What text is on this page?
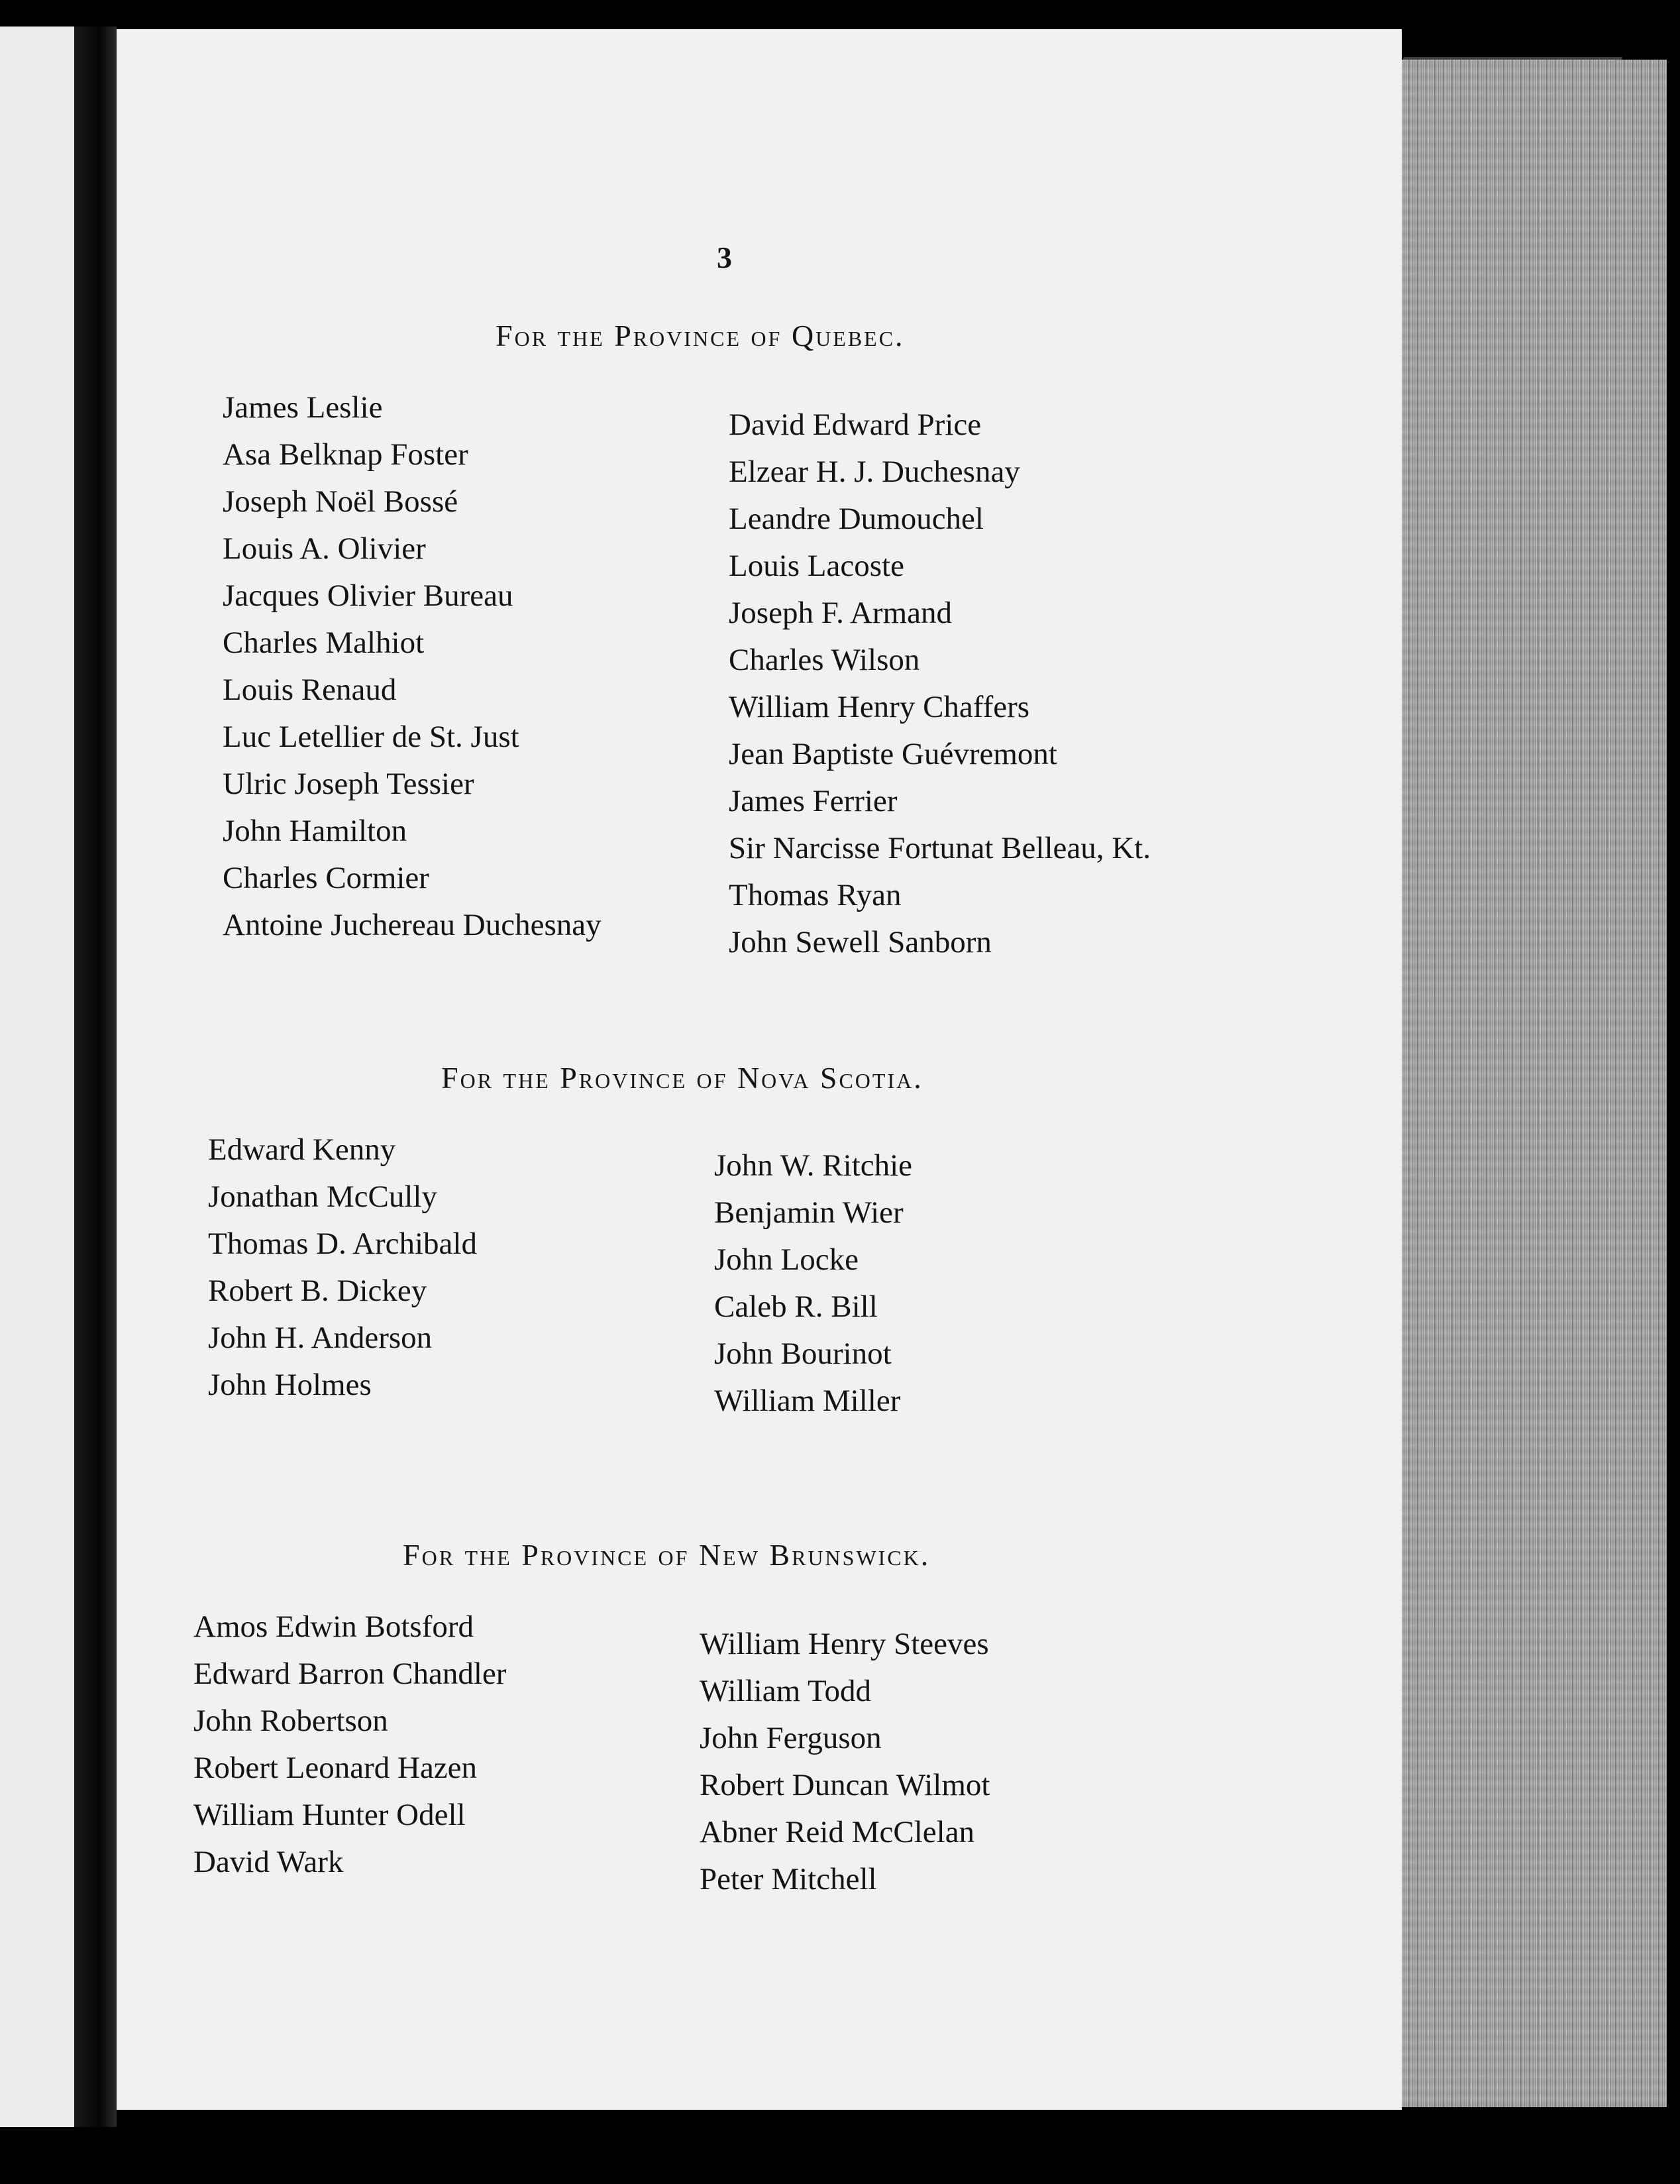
3
For the Province of Quebec.
James Leslie
Asa Belknap Foster
Joseph Noël Bossé
Louis A. Olivier
Jacques Olivier Bureau
Charles Malhiot
Louis Renaud
Luc Letellier de St. Just
Ulric Joseph Tessier
John Hamilton
Charles Cormier
Antoine Juchereau Duchesnay
David Edward Price
Elzear H. J. Duchesnay
Leandre Dumouchel
Louis Lacoste
Joseph F. Armand
Charles Wilson
William Henry Chaffers
Jean Baptiste Guévremont
James Ferrier
Sir Narcisse Fortunat Belleau, Kt.
Thomas Ryan
John Sewell Sanborn
For the Province of Nova Scotia.
Edward Kenny
Jonathan McCully
Thomas D. Archibald
Robert B. Dickey
John H. Anderson
John Holmes
John W. Ritchie
Benjamin Wier
John Locke
Caleb R. Bill
John Bourinot
William Miller
For the Province of New Brunswick.
Amos Edwin Botsford
Edward Barron Chandler
John Robertson
Robert Leonard Hazen
William Hunter Odell
David Wark
William Henry Steeves
William Todd
John Ferguson
Robert Duncan Wilmot
Abner Reid McClelan
Peter Mitchell
